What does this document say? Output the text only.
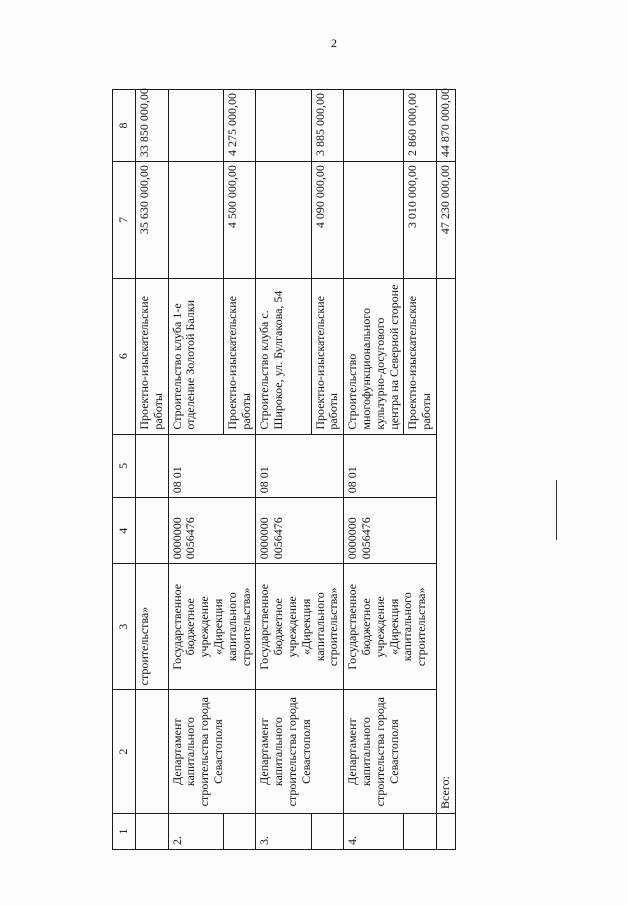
2
1	2	3	4	5	6	7	8
		строительства»			Проектно-изыскательские работы	35 630 000,00	33 850 000,00
2.	Департамент капитального строительства города Севастополя	Государственное бюджетное учреждение «Дирекция капитального строительства»	0000000 0056476	08 01	Строительство клуба 1-е отделение Золотой Балки		
					Проектно-изыскательские работы	4 500 000,00	4 275 000,00
3.	Департамент капитального строительства города Севастополя	Государственное бюджетное учреждение «Дирекция капитального строительства»	0000000 0056476	08 01	Строительство клуба с. Широкое, ул. Булгакова, 54		
					Проектно-изыскательские работы	4 090 000,00	3 885 000,00
4.	Департамент капитального строительства города Севастополя	Государственное бюджетное учреждение «Дирекция капитального строительства»	0000000 0056476	08 01	Строительство многофункционального культурно-досугового центра на Северной стороне		
					Проектно-изыскательские работы	3 010 000,00	2 860 000,00
	Всего:					47 230 000,00	44 870 000,00
